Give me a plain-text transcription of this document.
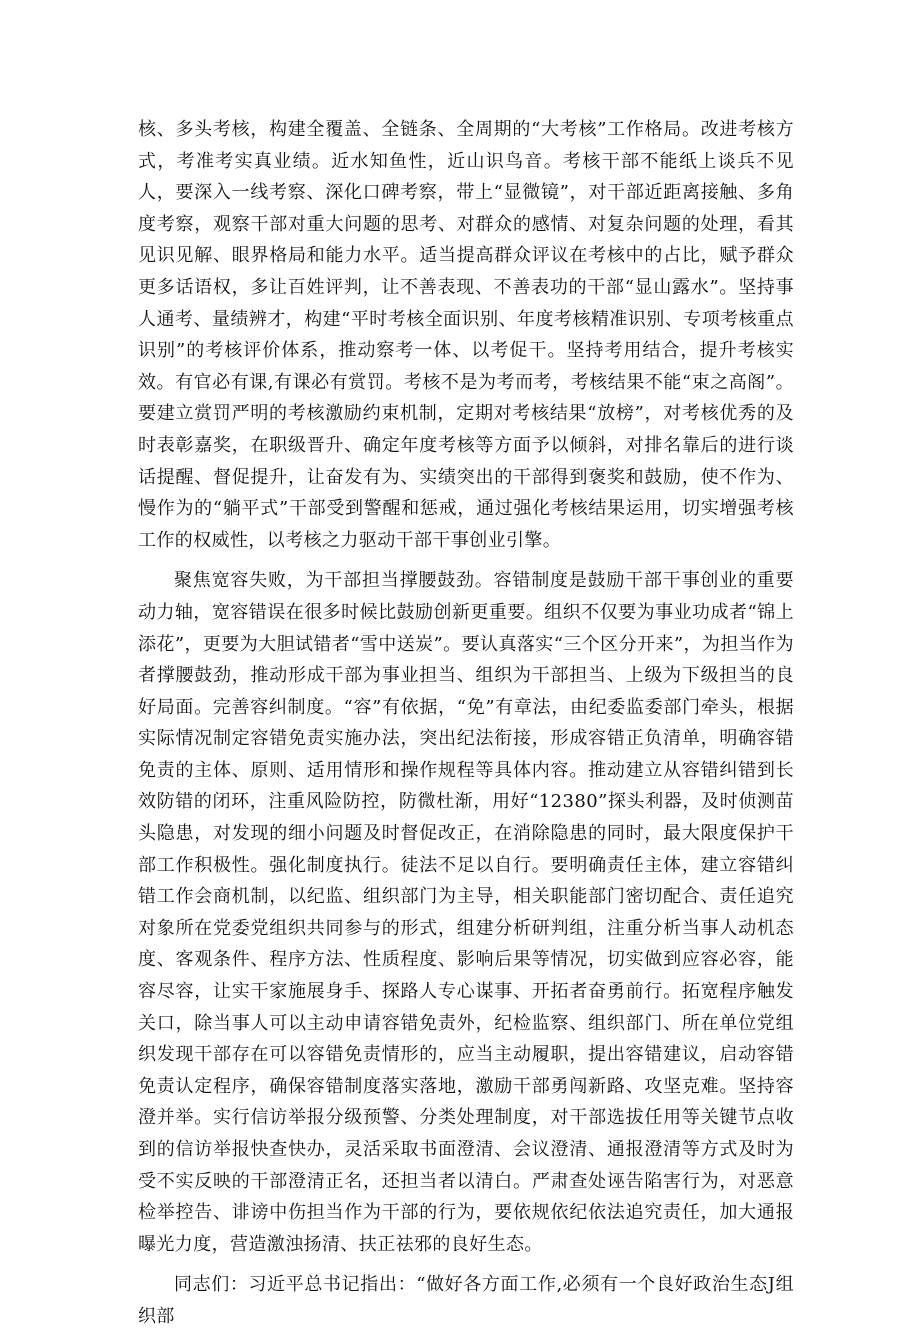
核、多头考核，构建全覆盖、全链条、全周期的“大考核”工作格局。改进考核方式，考准考实真业绩。近水知鱼性，近山识鸟音。考核干部不能纸上谈兵不见人，要深入一线考察、深化口碑考察，带上“显微镜”，对干部近距离接触、多角度考察，观察干部对重大问题的思考、对群众的感情、对复杂问题的处理，看其见识见解、眼界格局和能力水平。适当提高群众评议在考核中的占比，赋予群众更多话语权，多让百姓评判，让不善表现、不善表功的干部“显山露水”。坚持事人通考、量绩辨才，构建“平时考核全面识别、年度考核精准识别、专项考核重点识别”的考核评价体系，推动察考一体、以考促干。坚持考用结合，提升考核实效。有官必有课,有课必有赏罚。考核不是为考而考，考核结果不能“束之高阁”。要建立赏罚严明的考核激励约束机制，定期对考核结果“放榜”，对考核优秀的及时表彰嘉奖，在职级晋升、确定年度考核等方面予以倾斜，对排名靠后的进行谈话提醒、督促提升，让奋发有为、实绩突出的干部得到褒奖和鼓励，使不作为、慢作为的“躺平式”干部受到警醒和惩戒，通过强化考核结果运用，切实增强考核工作的权威性，以考核之力驱动干部干事创业引擎。

聚焦宽容失败，为干部担当撑腰鼓劲。容错制度是鼓励干部干事创业的重要动力轴，宽容错误在很多时候比鼓励创新更重要。组织不仅要为事业功成者“锦上添花”，更要为大胆试错者“雪中送炭”。要认真落实“三个区分开来”，为担当作为者撑腰鼓劲，推动形成干部为事业担当、组织为干部担当、上级为下级担当的良好局面。完善容纠制度。“容”有依据，“免”有章法，由纪委监委部门牵头，根据实际情况制定容错免责实施办法，突出纪法衔接，形成容错正负清单，明确容错免责的主体、原则、适用情形和操作规程等具体内容。推动建立从容错纠错到长效防错的闭环，注重风险防控，防微杜渐，用好“12380”探头利器，及时侦测苗头隐患，对发现的细小问题及时督促改正，在消除隐患的同时，最大限度保护干部工作积极性。强化制度执行。徒法不足以自行。要明确责任主体，建立容错纠错工作会商机制，以纪监、组织部门为主导，相关职能部门密切配合、责任追究对象所在党委党组织共同参与的形式，组建分析研判组，注重分析当事人动机态度、客观条件、程序方法、性质程度、影响后果等情况，切实做到应容必容，能容尽容，让实干家施展身手、探路人专心谋事、开拓者奋勇前行。拓宽程序触发关口，除当事人可以主动申请容错免责外，纪检监察、组织部门、所在单位党组织发现干部存在可以容错免责情形的，应当主动履职，提出容错建议，启动容错免责认定程序，确保容错制度落实落地，激励干部勇闯新路、攻坚克难。坚持容澄并举。实行信访举报分级预警、分类处理制度，对干部选拔任用等关键节点收到的信访举报快查快办，灵活采取书面澄清、会议澄清、通报澄清等方式及时为受不实反映的干部澄清正名，还担当者以清白。严肃查处诬告陷害行为，对恶意检举控告、诽谤中伤担当作为干部的行为，要依规依纪依法追究责任，加大通报曝光力度，营造激浊扬清、扶正祛邪的良好生态。

同志们：习近平总书记指出：“做好各方面工作,必须有一个良好政治生态J组织部
